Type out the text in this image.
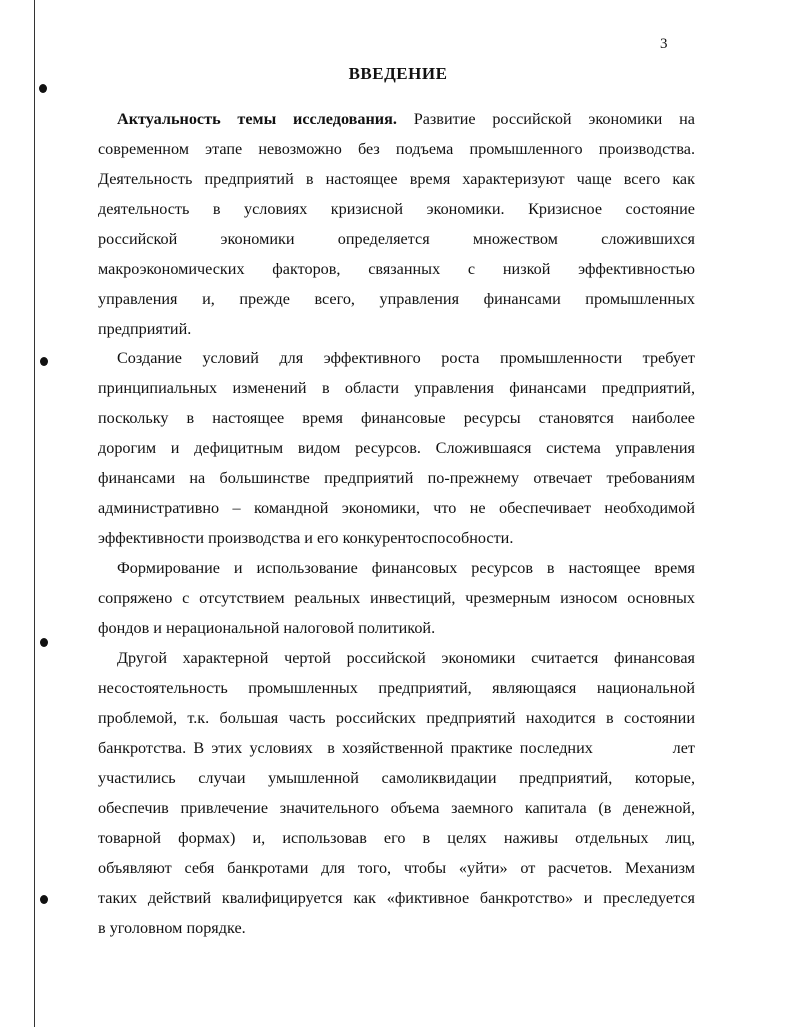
3
ВВЕДЕНИЕ
Актуальность темы исследования. Развитие российской экономики на
современном этапе невозможно без подъема промышленного производства.
Деятельность предприятий в настоящее время характеризуют чаще всего как
деятельность в условиях кризисной экономики. Кризисное состояние
российской экономики определяется множеством сложившихся
макроэкономических факторов, связанных с низкой эффективностью
управления и, прежде всего, управления финансами промышленных
предприятий.
Создание условий для эффективного роста промышленности требует
принципиальных изменений в области управления финансами предприятий,
поскольку в настоящее время финансовые ресурсы становятся наиболее
дорогим и дефицитным видом ресурсов. Сложившаяся система управления
финансами на большинстве предприятий по-прежнему отвечает требованиям
административно – командной экономики, что не обеспечивает необходимой
эффективности производства и его конкурентоспособности.
Формирование и использование финансовых ресурсов в настоящее время
сопряжено с отсутствием реальных инвестиций, чрезмерным износом основных
фондов и нерациональной налоговой политикой.
Другой характерной чертой российской экономики считается финансовая
несостоятельность промышленных предприятий, являющаяся национальной
проблемой, т.к. большая часть российских предприятий находится в состоянии
банкротства. В этих условиях  в хозяйственной практике последних           лет
участились случаи умышленной самоликвидации предприятий, которые,
обеспечив привлечение значительного объема заемного капитала (в денежной,
товарной формах) и, использовав его в целях наживы отдельных лиц,
объявляют себя банкротами для того, чтобы «уйти» от расчетов. Механизм
таких действий квалифицируется как «фиктивное банкротство» и преследуется
в уголовном порядке.
